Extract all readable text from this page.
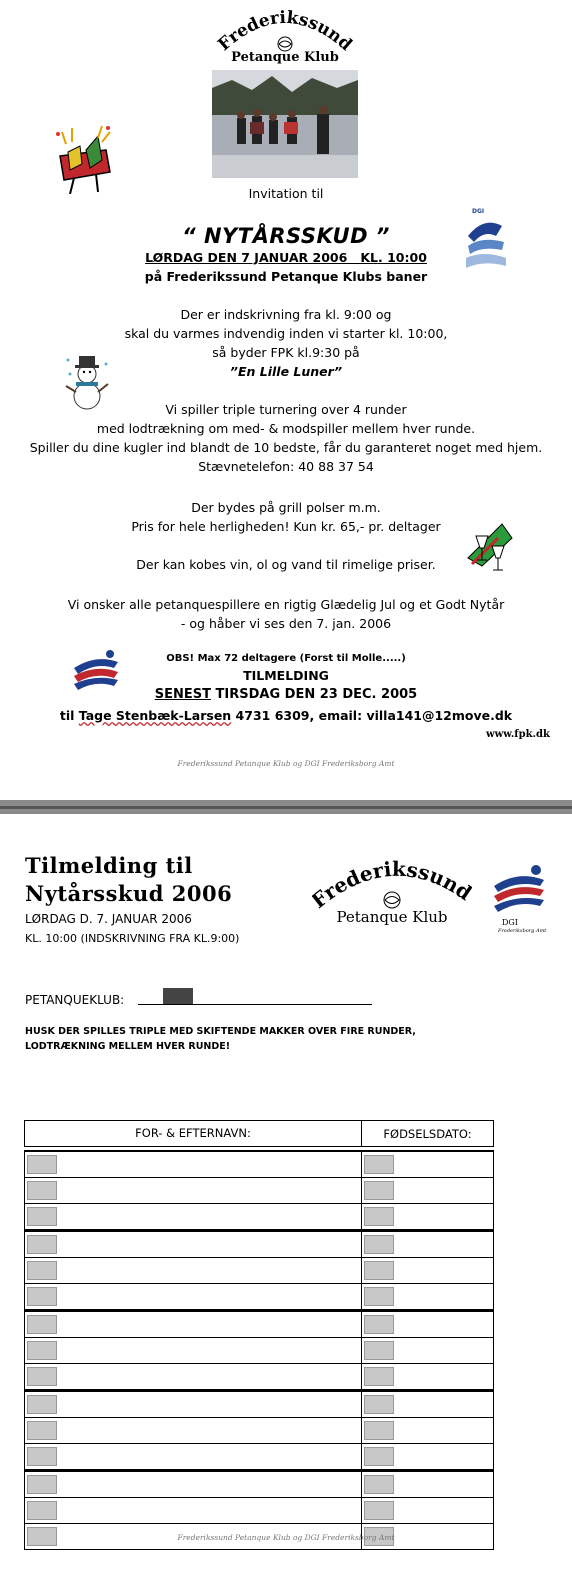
Frederikssund
Petanque Klub
Invitation til
DGI
“ NYTÅRSSKUD ”
LØRDAG DEN 7 JANUAR 2006   KL. 10:00
på Frederikssund Petanque Klubs baner
Der er indskrivning fra kl. 9:00 og
skal du varmes indvendig inden vi starter kl. 10:00,
så byder FPK kl.9:30 på
”En Lille Luner”
Vi spiller triple turnering over 4 runder
med lodtrækning om med- & modspiller mellem hver runde.
Spiller du dine kugler ind blandt de 10 bedste, får du garanteret noget med hjem.
Stævnetelefon: 40 88 37 54
Der bydes på grill polser m.m.
Pris for hele herligheden! Kun kr. 65,- pr. deltager
Der kan kobes vin, ol og vand til rimelige priser.
Vi onsker alle petanquespillere en rigtig Glædelig Jul og et Godt Nytår
- og håber vi ses den 7. jan. 2006
OBS! Max 72 deltagere (Forst til Molle.....)
TILMELDING
SENEST TIRSDAG DEN 23 DEC. 2005
til Tage Stenbæk-Larsen 4731 6309, email: villa141@12move.dk
www.fpk.dk
Frederikssund Petanque Klub og DGI Frederiksborg Amt
Tilmelding til
Nytårsskud 2006
LØRDAG D. 7. JANUAR 2006
KL. 10:00 (INDSKRIVNING FRA KL.9:00)
rederikssun
Petanque Klub	DGI
Frederiksborg Amt
PETANQUEKLUB:
HUSK DER SPILLES TRIPLE MED SKIFTENDE MAKKER OVER FIRE RUNDER,
LODTRÆKNING MELLEM HVER RUNDE!
FOR- & EFTERNAVN:	FØDSELSDATO:
Frederikssund Petanque Klub og DGI Frederiksborg Amt
